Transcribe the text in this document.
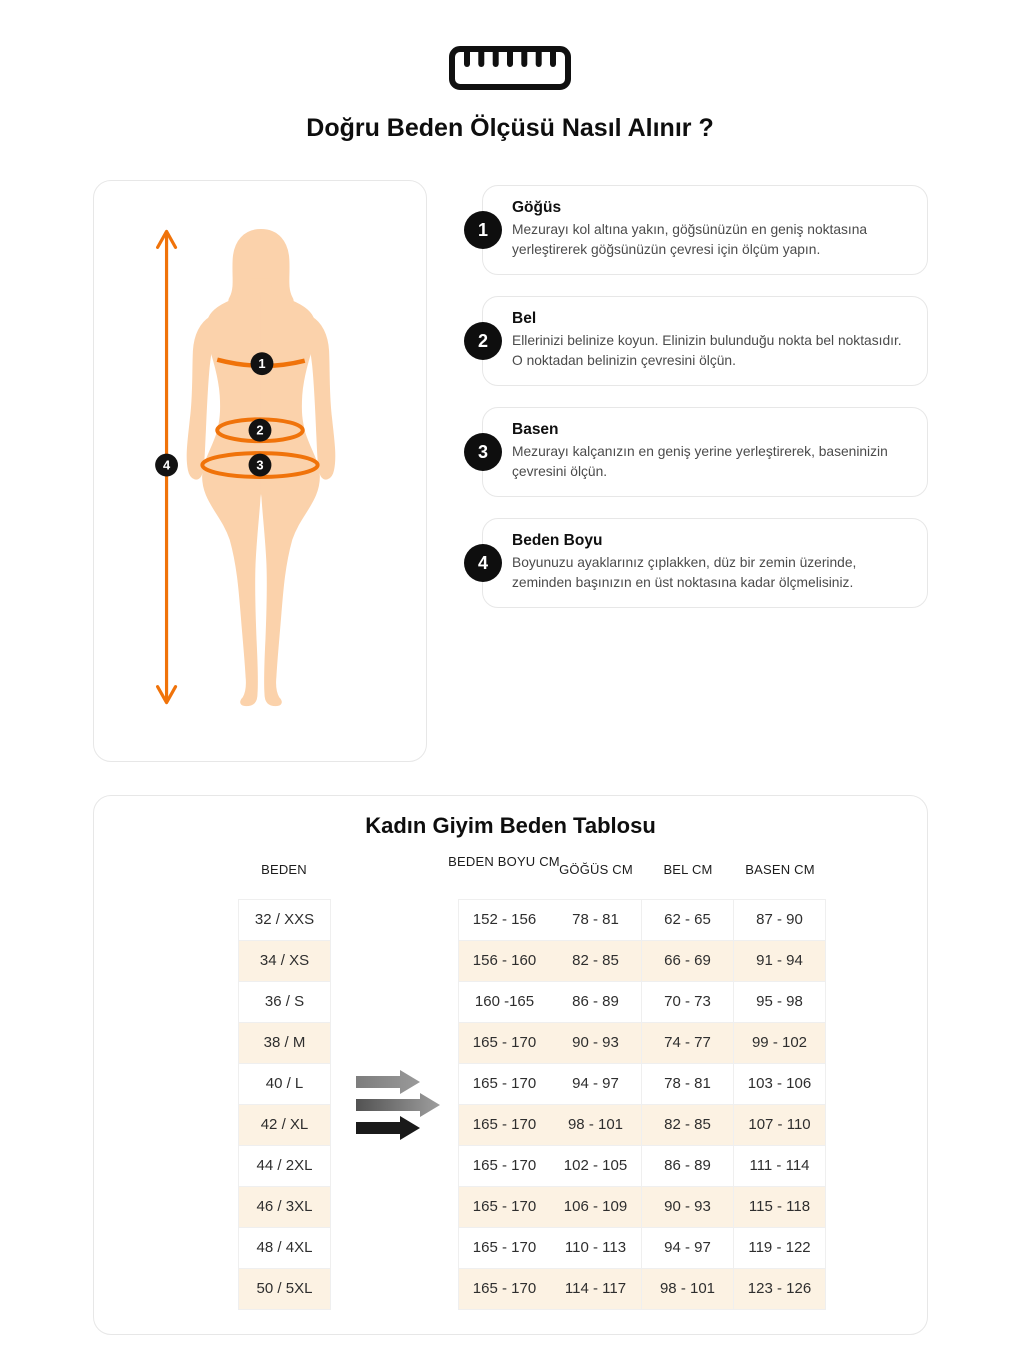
Doğru Beden Ölçüsü Nasıl Alınır ?
1
2
3
4
1
Göğüs

Mezurayı kol altına yakın, göğsünüzün en geniş noktasına yerleştirerek göğsünüzün çevresi için ölçüm yapın.

2
Bel

Ellerinizi belinize koyun. Elinizin bulunduğu nokta bel noktasıdır. O noktadan belinizin çevresini ölçün.

3
Basen

Mezurayı kalçanızın en geniş yerine yerleştirerek, baseninizin çevresini ölçün.

4
Beden Boyu

Boyunuzu ayaklarınız çıplakken, düz bir zemin üzerinde, zeminden başınızın en üst noktasına kadar ölçmelisiniz.

Kadın Giyim Beden Tablosu
BEDEN
BEDEN BOYU CM
GÖĞÜS CM	BEL CM	BASEN CM
32 / XXS
34 / XS
36 / S
38 / M
40 / L
42 / XL
44 / 2XL
46 / 3XL
48 / 4XL
50 / 5XL
152 - 156
156 - 160
160 -165
165 - 170
165 - 170
165 - 170
165 - 170
165 - 170
165 - 170
165 - 170
78 - 81
82 - 85
86 - 89
90 - 93
94 - 97
98 - 101
102 - 105
106 - 109
110 - 113
114 - 117
62 - 65
66 - 69
70 - 73
74 - 77
78 - 81
82 - 85
86 - 89
90 - 93
94 - 97
98 - 101
87 - 90
91 - 94
95 - 98
99 - 102
103 - 106
107 - 110
111 - 114
115 - 118
119 - 122
123 - 126
